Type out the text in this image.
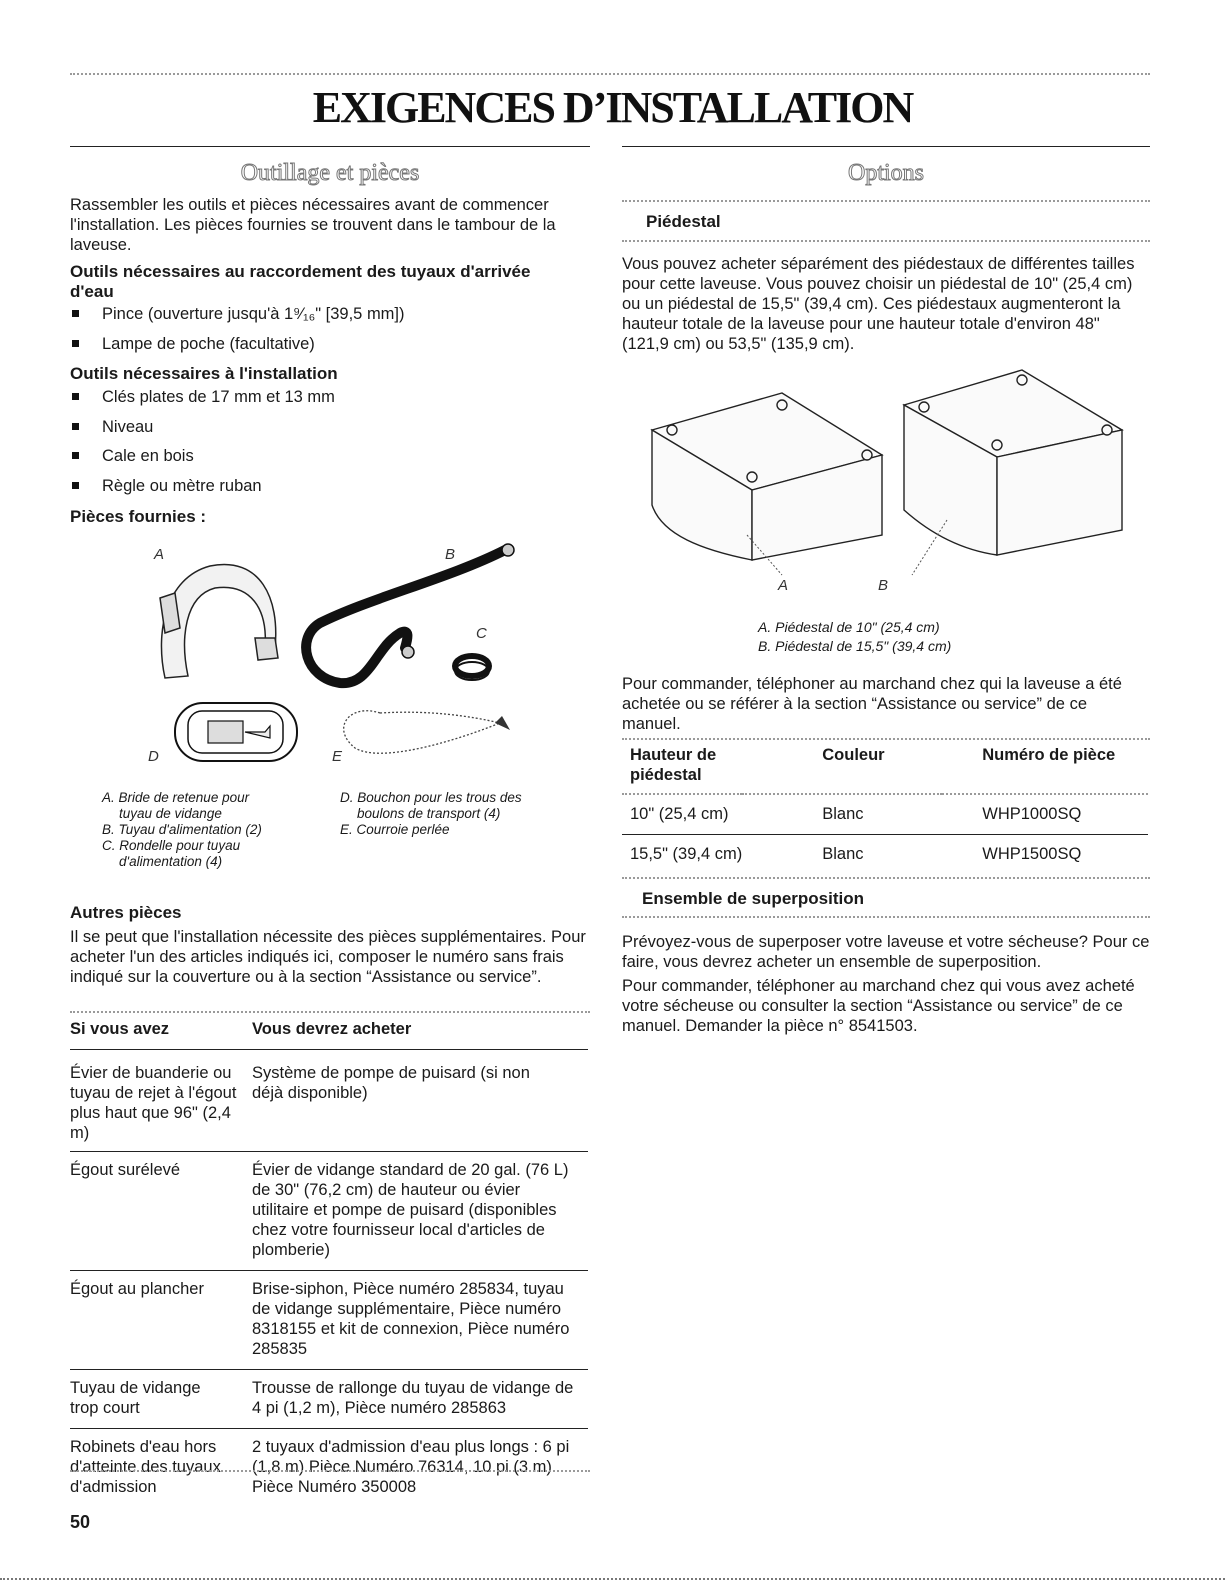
EXIGENCES D’INSTALLATION
Outillage et pièces

Rassembler les outils et pièces nécessaires avant de commencer l'installation. Les pièces fournies se trouvent dans le tambour de la laveuse.

Outils nécessaires au raccordement des tuyaux d'arrivée d'eau
Pince (ouverture jusqu'à 1⁹⁄₁₆" [39,5 mm])
Lampe de poche (facultative)
Outils nécessaires à l'installation
Clés plates de 17 mm et 13 mm
Niveau
Cale en bois
Règle ou mètre ruban
Pièces fournies :
A	B
C
D	E
A. Bride de retenue pour
tuyau de vidange
B. Tuyau d'alimentation (2)
C. Rondelle pour tuyau
d'alimentation (4)
D. Bouchon pour les trous des
boulons de transport (4)
E. Courroie perlée
Autres pièces

Il se peut que l'installation nécessite des pièces supplémentaires. Pour acheter l'un des articles indiqués ici, composer le numéro sans frais indiqué sur la couverture ou à la section “Assistance ou service”.

Si vous avez	Vous devrez acheter
Évier de buanderie ou tuyau de rejet à l'égout plus haut que 96" (2,4 m)	Système de pompe de puisard (si non déjà disponible)
Égout surélevé	Évier de vidange standard de 20 gal. (76 L) de 30" (76,2 cm) de hauteur ou évier utilitaire et pompe de puisard (disponibles chez votre fournisseur local d'articles de plomberie)
Égout au plancher	Brise-siphon, Pièce numéro 285834, tuyau de vidange supplémentaire, Pièce numéro 8318155 et kit de connexion, Pièce numéro 285835
Tuyau de vidange trop court	Trousse de rallonge du tuyau de vidange de 4 pi (1,2 m), Pièce numéro 285863
Robinets d'eau hors d'atteinte des tuyaux d'admission	2 tuyaux d'admission d'eau plus longs : 6 pi (1,8 m) Pièce Numéro 76314, 10 pi (3 m) Pièce Numéro 350008
Options
Piédestal

Vous pouvez acheter séparément des piédestaux de différentes tailles pour cette laveuse. Vous pouvez choisir un piédestal de 10" (25,4 cm) ou un piédestal de 15,5" (39,4 cm). Ces piédestaux augmenteront la hauteur totale de la laveuse pour une hauteur totale d'environ 48" (121,9 cm) ou 53,5" (135,9 cm).

A	B
A. Piédestal de 10" (25,4 cm)
B. Piédestal de 15,5" (39,4 cm)

Pour commander, téléphoner au marchand chez qui la laveuse a été achetée ou se référer à la section “Assistance ou service” de ce manuel.

Hauteur de piédestal	Couleur	Numéro de pièce
10" (25,4 cm)	Blanc	WHP1000SQ
15,5" (39,4 cm)	Blanc	WHP1500SQ
Ensemble de superposition

Prévoyez-vous de superposer votre laveuse et votre sécheuse? Pour ce faire, vous devrez acheter un ensemble de superposition.

Pour commander, téléphoner au marchand chez qui vous avez acheté votre sécheuse ou consulter la section “Assistance ou service” de ce manuel. Demander la pièce n° 8541503.

50
